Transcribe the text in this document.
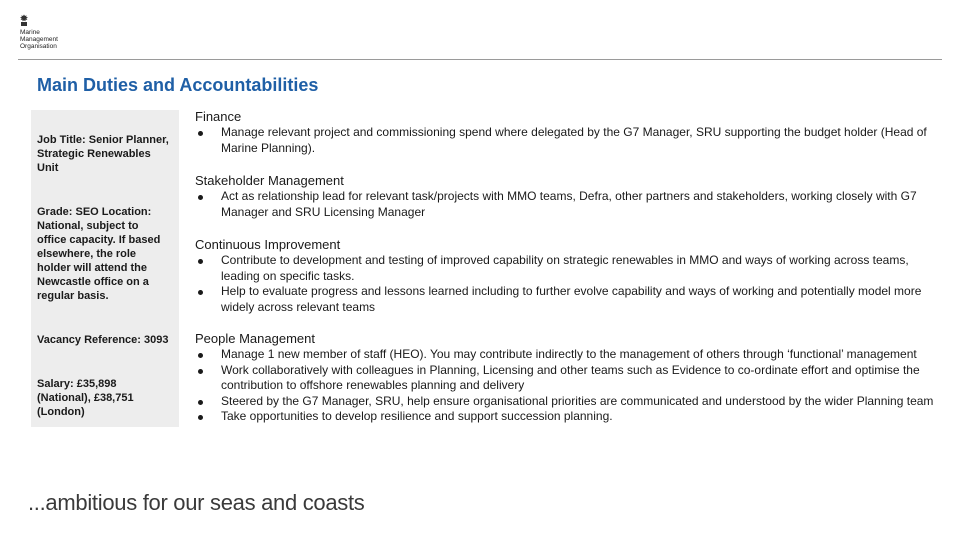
Marine
Management
Organisation
Main Duties and Accountabilities
Job Title: Senior Planner, Strategic Renewables Unit
Grade: SEO Location: National, subject to office capacity. If based elsewhere, the role holder will attend the Newcastle office on a regular basis.
Vacancy Reference: 3093
Salary: £35,898 (National), £38,751 (London)
Finance
Manage relevant project and commissioning spend where delegated by the G7 Manager, SRU supporting the budget holder (Head of Marine Planning).
Stakeholder Management
Act as relationship lead for relevant task/projects with MMO teams, Defra, other partners and stakeholders, working closely with G7 Manager and SRU Licensing Manager
Continuous Improvement
Contribute to development and testing of improved capability on strategic renewables in MMO and ways of working across teams, leading on specific tasks.
Help to evaluate progress and lessons learned including to further evolve capability and ways of working and potentially model more widely across relevant teams
People Management
Manage 1 new member of staff (HEO). You may contribute indirectly to the management of others through ‘functional’ management
Work collaboratively with colleagues in Planning, Licensing and other teams such as Evidence to co-ordinate effort and optimise the contribution to offshore renewables planning and delivery
Steered by the G7 Manager, SRU, help ensure organisational priorities are communicated and understood by the wider Planning team
Take opportunities to develop resilience and support succession planning.
...ambitious for our seas and coasts
